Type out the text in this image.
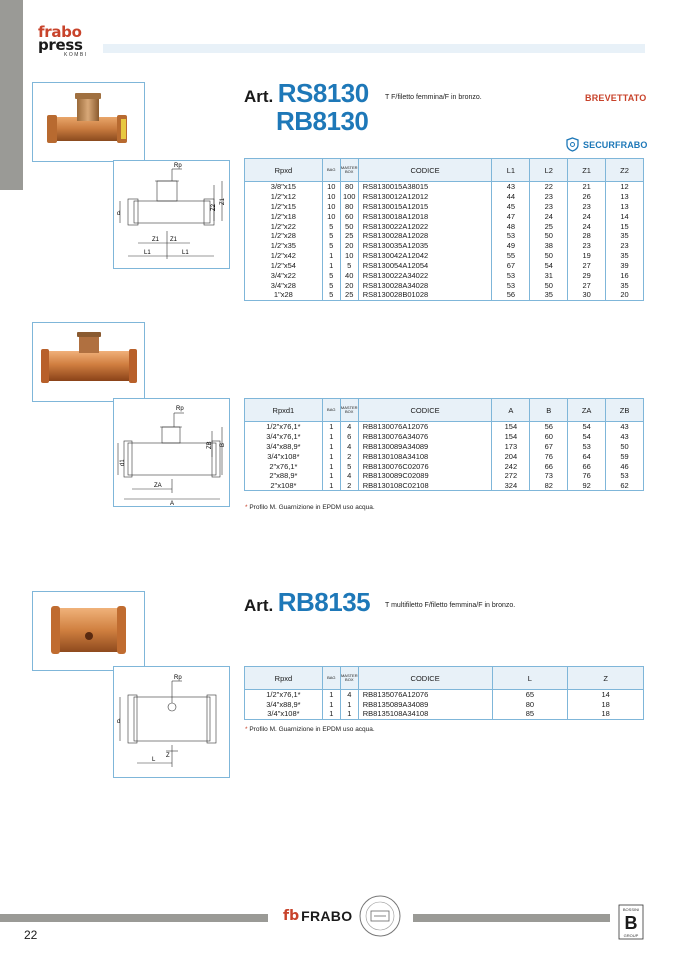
frabo
press
KOMBI
Rp
Z2
Z1
d
Z1 Z1
L1	L1
Art. RS8130
RB8130
T F/filetto femmina/F in bronzo.	BREVETTATO
SECURFRABO
Rpxd	BAG	MASTER BOX	CODICE	L1	L2	Z1	Z2
3/8"x15	10	80	RS8130015A38015	43	22	21	12
1/2"x12	10	100	RS8130012A12012	44	23	26	13
1/2"x15	10	80	RS8130015A12015	45	23	23	13
1/2"x18	10	60	RS8130018A12018	47	24	24	14
1/2"x22	5	50	RS8130022A12022	48	25	24	15
1/2"x28	5	25	RS8130028A12028	53	50	28	35
1/2"x35	5	20	RS8130035A12035	49	38	23	23
1/2"x42	1	10	RS8130042A12042	55	50	19	35
1/2"x54	1	5	RS8130054A12054	67	54	27	39
3/4"x22	5	40	RS8130022A34022	53	31	29	16
3/4"x28	5	20	RS8130028A34028	53	50	27	35
1"x28	5	25	RS8130028B01028	56	35	30	20
Rp
ZB B
d1
ZA
A
Rpxd1	BAG	MASTER BOX	CODICE	A	B	ZA	ZB
1/2"x76,1*	1	4	RB8130076A12076	154	56	54	43
3/4"x76,1*	1	6	RB8130076A34076	154	60	54	43
3/4"x88,9*	1	4	RB8130089A34089	173	67	53	50
3/4"x108*	1	2	RB8130108A34108	204	76	64	59
2"x76,1*	1	5	RB8130076C02076	242	66	66	46
2"x88,9*	1	4	RB8130089C02089	272	73	76	53
2"x108*	1	2	RB8130108C02108	324	82	92	62
* Profilo M. Guarnizione in EPDM uso acqua.
Rp
d
Z
L
Art. RB8135 T multifiletto F/filetto femmina/F in bronzo.
Rpxd	BAG	MASTER BOX	CODICE	L	Z
1/2"x76,1*	1	4	RB8135076A12076	65	14
3/4"x88,9*	1	1	RB8135089A34089	80	18
3/4"x108*	1	1	RB8135108A34108	85	18
* Profilo M. Guarnizione in EPDM uso acqua.
fb FRABO	BOSSINI
B
GROUP
22
